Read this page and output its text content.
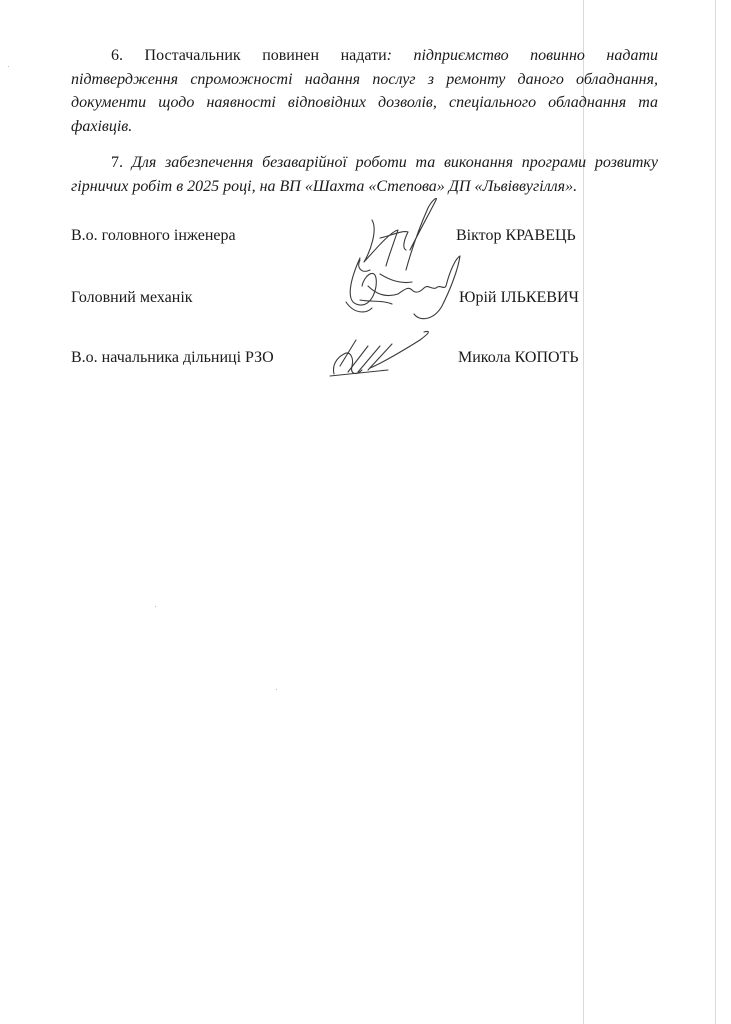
6. Постачальник повинен надати: підприємство повинно надати підтвердження спроможності надання послуг з ремонту даного обладнання, документи щодо наявності відповідних дозволів, спеціального обладнання та фахівців.
7. Для забезпечення безаварійної роботи та виконання програми розвитку гірничих робіт в 2025 році, на ВП «Шахта «Степова» ДП «Львіввугілля».
В.о. головного інженера	Віктор КРАВЕЦЬ
Головний механік	Юрій ІЛЬКЕВИЧ
В.о. начальника дільниці РЗО	Микола КОПОТЬ
